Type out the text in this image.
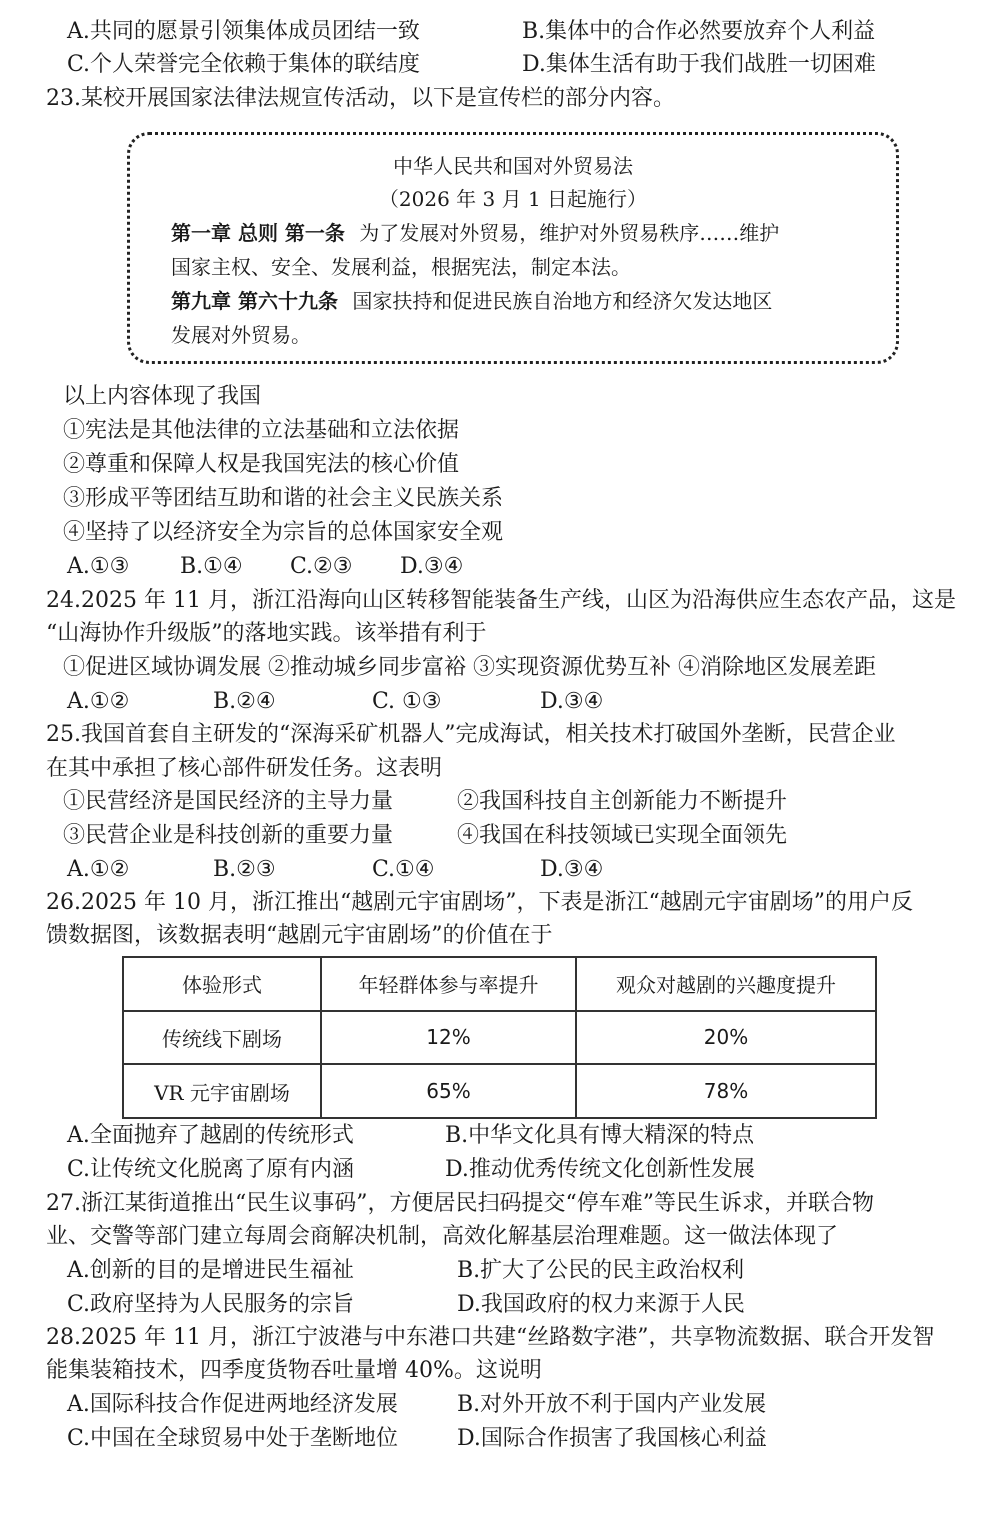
A.共同的愿景引领集体成员团结一致	B.集体中的合作必然要放弃个人利益
C.个人荣誉完全依赖于集体的联结度	D.集体生活有助于我们战胜一切困难
23.某校开展国家法律法规宣传活动，以下是宣传栏的部分内容。
中华人民共和国对外贸易法
（2026 年 3 月 1 日起施行）
第一章 总则 第一条 为了发展对外贸易，维护对外贸易秩序……维护
国家主权、安全、发展利益，根据宪法，制定本法。
第九章 第六十九条 国家扶持和促进民族自治地方和经济欠发达地区
发展对外贸易。
以上内容体现了我国
①宪法是其他法律的立法基础和立法依据
②尊重和保障人权是我国宪法的核心价值
③形成平等团结互助和谐的社会主义民族关系
④坚持了以经济安全为宗旨的总体国家安全观
A.①③ B.①④ C.②③ D.③④
24.2025 年 11 月，浙江沿海向山区转移智能装备生产线，山区为沿海供应生态农产品，这是
“山海协作升级版”的落地实践。该举措有利于
①促进区域协调发展 ②推动城乡同步富裕 ③实现资源优势互补 ④消除地区发展差距
A.①②	B.②④	C. ①③	D.③④
25.我国首套自主研发的“深海采矿机器人”完成海试，相关技术打破国外垄断，民营企业
在其中承担了核心部件研发任务。这表明
①民营经济是国民经济的主导力量	②我国科技自主创新能力不断提升
③民营企业是科技创新的重要力量	④我国在科技领域已实现全面领先
A.①②	B.②③	C.①④	D.③④
26.2025 年 10 月，浙江推出“越剧元宇宙剧场”，下表是浙江“越剧元宇宙剧场”的用户反
馈数据图，该数据表明“越剧元宇宙剧场”的价值在于
体验形式	年轻群体参与率提升	观众对越剧的兴趣度提升
传统线下剧场	12%	20%
VR 元宇宙剧场	65%	78%
A.全面抛弃了越剧的传统形式	B.中华文化具有博大精深的特点
C.让传统文化脱离了原有内涵	D.推动优秀传统文化创新性发展
27.浙江某街道推出“民生议事码”，方便居民扫码提交“停车难”等民生诉求，并联合物
业、交警等部门建立每周会商解决机制，高效化解基层治理难题。这一做法体现了
A.创新的目的是增进民生福祉	B.扩大了公民的民主政治权利
C.政府坚持为人民服务的宗旨	D.我国政府的权力来源于人民
28.2025 年 11 月，浙江宁波港与中东港口共建“丝路数字港”，共享物流数据、联合开发智
能集装箱技术，四季度货物吞吐量增 40%。这说明
A.国际科技合作促进两地经济发展	B.对外开放不利于国内产业发展
C.中国在全球贸易中处于垄断地位	D.国际合作损害了我国核心利益
